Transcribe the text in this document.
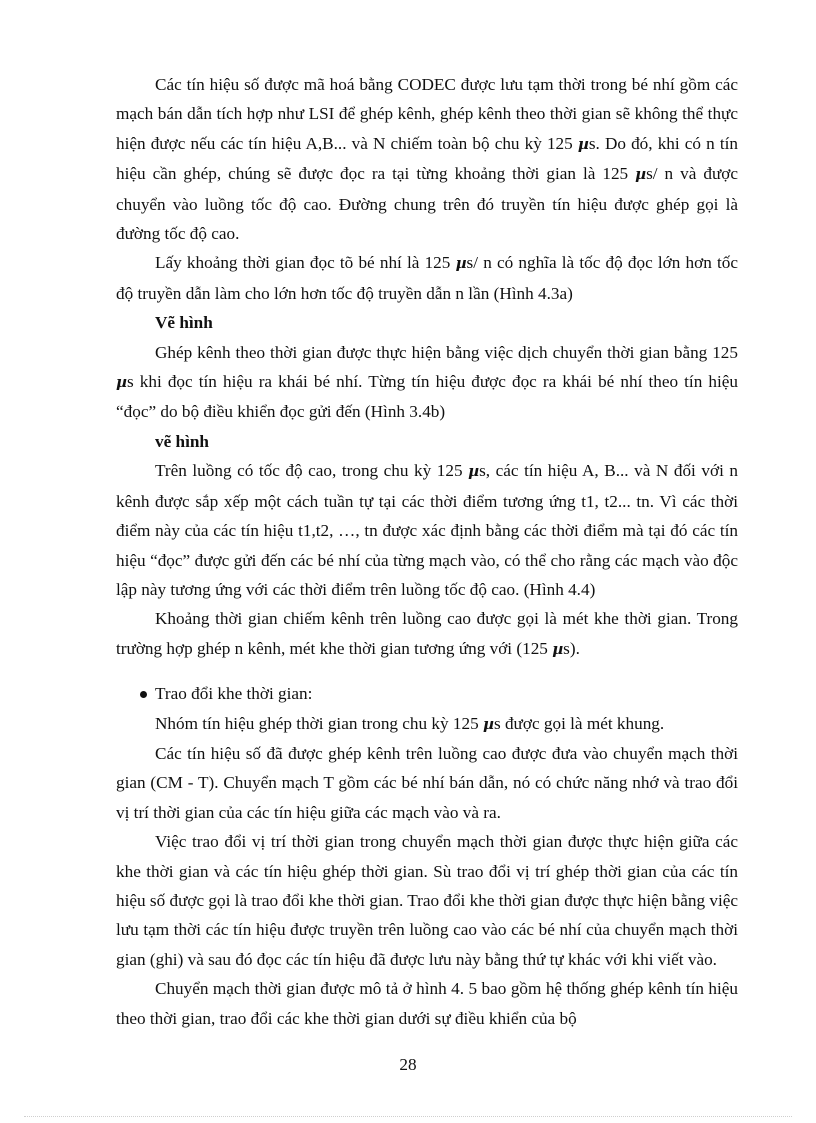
Các tín hiệu số được mã hoá bằng CODEC được lưu tạm thời trong bé nhí gồm các mạch bán dẫn tích hợp như LSI để ghép kênh, ghép kênh theo thời gian sẽ không thể thực hiện được nếu các tín hiệu A,B... và N chiếm toàn bộ chu kỳ 125 µs. Do đó, khi có n tín hiệu cần ghép, chúng sẽ được đọc ra tại từng khoảng thời gian là 125 µs/ n và được chuyển vào luồng tốc độ cao. Đường chung trên đó truyền tín hiệu được ghép gọi là đường tốc độ cao.

Lấy khoảng thời gian đọc tõ bé nhí là 125 µs/ n có nghĩa là tốc độ đọc lớn hơn tốc độ truyền dẫn làm cho lớn hơn tốc độ truyền dẫn n lần (Hình 4.3a)

Vẽ hình

Ghép kênh theo thời gian được thực hiện bằng việc dịch chuyển thời gian bằng 125 µs khi đọc tín hiệu ra khái bé nhí. Từng tín hiệu được đọc ra khái bé nhí theo tín hiệu “đọc” do bộ điều khiển đọc gửi đến (Hình 3.4b)

vẽ hình

Trên luồng có tốc độ cao, trong chu kỳ 125 µs, các tín hiệu A, B... và N đối với n kênh được sắp xếp một cách tuần tự tại các thời điểm tương ứng t1, t2... tn. Vì các thời điểm này của các tín hiệu t1,t2, …, tn được xác định bằng các thời điểm mà tại đó các tín hiệu “đọc” được gửi đến các bé nhí của từng mạch vào, có thể cho rằng các mạch vào độc lập này tương ứng với các thời điểm trên luồng tốc độ cao. (Hình 4.4)

Khoảng thời gian chiếm kênh trên luồng cao được gọi là mét khe thời gian. Trong trường hợp ghép n kênh, mét khe thời gian tương ứng với (125 µs).

Trao đổi khe thời gian:

Nhóm tín hiệu ghép thời gian trong chu kỳ 125 µs được gọi là mét khung.

Các tín hiệu số đã được ghép kênh trên luồng cao được đưa vào chuyển mạch thời gian (CM - T). Chuyển mạch T gồm các bé nhí bán dẫn, nó có chức năng nhớ và trao đổi vị trí thời gian của các tín hiệu giữa các mạch vào và ra.

Việc trao đổi vị trí thời gian trong chuyển mạch thời gian được thực hiện giữa các khe thời gian và các tín hiệu ghép thời gian. Sù trao đổi vị trí ghép thời gian của các tín hiệu số được gọi là trao đổi khe thời gian. Trao đổi khe thời gian được thực hiện bằng việc lưu tạm thời các tín hiệu được truyền trên luồng cao vào các bé nhí của chuyển mạch thời gian (ghi) và sau đó đọc các tín hiệu đã được lưu này bằng thứ tự khác với khi viết vào.

Chuyển mạch thời gian được mô tả ở hình 4. 5 bao gồm hệ thống ghép kênh tín hiệu theo thời gian, trao đổi các khe thời gian dưới sự điều khiển của bộ

28
